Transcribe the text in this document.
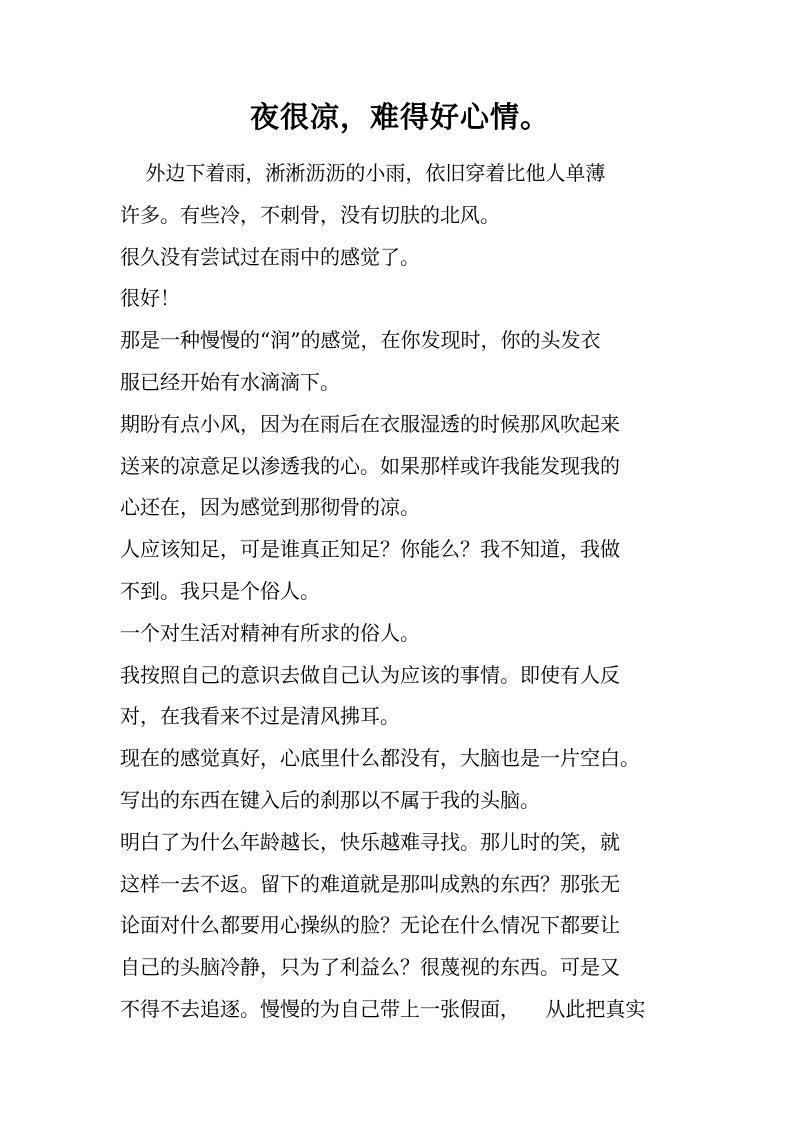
夜很凉，难得好心情。
外边下着雨，淅淅沥沥的小雨，依旧穿着比他人单薄
许多。有些冷，不刺骨，没有切肤的北风。
很久没有尝试过在雨中的感觉了。
很好！
那是一种慢慢的“润”的感觉，在你发现时，你的头发衣
服已经开始有水滴滴下。
期盼有点小风，因为在雨后在衣服湿透的时候那风吹起来
送来的凉意足以渗透我的心。如果那样或许我能发现我的
心还在，因为感觉到那彻骨的凉。
人应该知足，可是谁真正知足？你能么？我不知道，我做
不到。我只是个俗人。
一个对生活对精神有所求的俗人。
我按照自己的意识去做自己认为应该的事情。即使有人反
对，在我看来不过是清风拂耳。
现在的感觉真好，心底里什么都没有，大脑也是一片空白。
写出的东西在键入后的刹那以不属于我的头脑。
明白了为什么年龄越长，快乐越难寻找。那儿时的笑，就
这样一去不返。留下的难道就是那叫成熟的东西？那张无
论面对什么都要用心操纵的脸？无论在什么情况下都要让
自己的头脑冷静，只为了利益么？很蔑视的东西。可是又
不得不去追逐。慢慢的为自己带上一张假面，    从此把真实
